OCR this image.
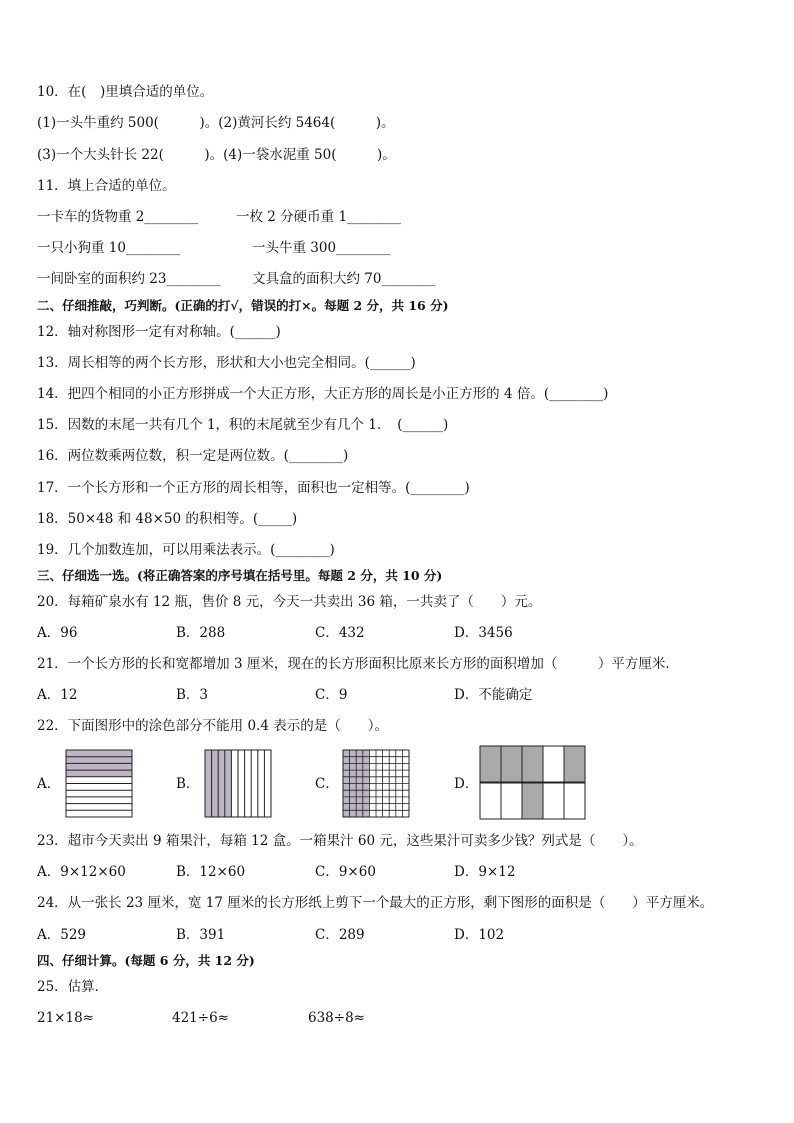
10．在(　)里填合适的单位。
(1)一头牛重约 500(　　　)。(2)黄河长约 5464(　　　)。
(3)一个大头针长 22(　　　)。(4)一袋水泥重 50(　　　)。
11．填上合适的单位。
一卡车的货物重 2________	一枚 2 分硬币重 1________
一只小狗重 10________	一头牛重 300________
一间卧室的面积约 23________ 文具盒的面积大约 70________
二、仔细推敲，巧判断。(正确的打√，错误的打×。每题 2 分，共 16 分)
12．轴对称图形一定有对称轴。(______)
13．周长相等的两个长方形，形状和大小也完全相同。(______)
14．把四个相同的小正方形拼成一个大正方形，大正方形的周长是小正方形的 4 倍。(________)
15．因数的末尾一共有几个 1，积的末尾就至少有几个 1．　(______)
16．两位数乘两位数，积一定是两位数。(________)
17．一个长方形和一个正方形的周长相等，面积也一定相等。(________)
18．50×48 和 48×50 的积相等。(_____)
19．几个加数连加，可以用乘法表示。(________)
三、仔细选一选。(将正确答案的序号填在括号里。每题 2 分，共 10 分)
20．每箱矿泉水有 12 瓶，售价 8 元，今天一共卖出 36 箱，一共卖了（　　）元。
A．96	B．288	C．432	D．3456
21．一个长方形的长和宽都增加 3 厘米，现在的长方形面积比原来长方形的面积增加（　　　）平方厘米．
A．12	B．3	C．9	D．不能确定
22．下面图形中的涂色部分不能用 0.4 表示的是（　　）。
A．	B．	C．	D．
23．超市今天卖出 9 箱果汁，每箱 12 盒。一箱果汁 60 元，这些果汁可卖多少钱？列式是（　　）。
A．9×12×60	B．12×60	C．9×60	D．9×12
24．从一张长 23 厘米，宽 17 厘米的长方形纸上剪下一个最大的正方形，剩下图形的面积是（　　）平方厘米。
A．529	B．391	C．289	D．102
四、仔细计算。(每题 6 分，共 12 分)
25．估算．
21×18≈	421÷6≈	638÷8≈
